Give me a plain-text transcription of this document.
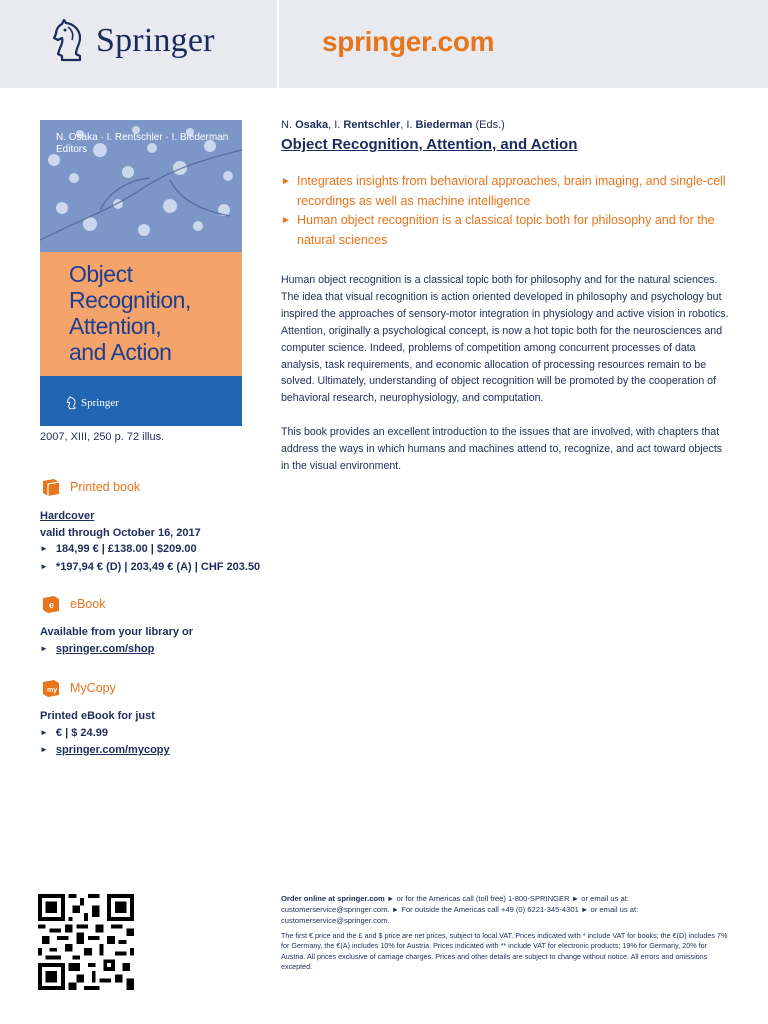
Springer	springer.com
N. Osaka · I. Rentschler · I. Biederman
Editors
Object
Recognition,
Attention,
and Action
Springer
2007, XIII, 250 p. 72 illus.
Printed book
Hardcover
valid through October 16, 2017
► 184,99 € | £138.00 | $209.00
► *197,94 € (D) | 203,49 € (A) | CHF 203.50
e eBook
Available from your library or
► springer.com/shop
my MyCopy
Printed eBook for just
► € | $ 24.99
► springer.com/mycopy
N. Osaka, I. Rentschler, I. Biederman (Eds.)
Object Recognition, Attention, and Action
► Integrates insights from behavioral approaches, brain imaging, and single-cell recordings as well as machine intelligence
► Human object recognition is a classical topic both for philosophy and for the natural sciences

Human object recognition is a classical topic both for philosophy and for the natural sciences. The idea that visual recognition is action oriented developed in philosophy and psychology but inspired the approaches of sensory-motor integration in physiology and active vision in robotics. Attention, originally a psychological concept, is now a hot topic both for the neurosciences and computer science. Indeed, problems of competition among concurrent processes of data analysis, task requirements, and economic allocation of processing resources remain to be solved. Ultimately, understanding of object recognition will be promoted by the cooperation of behavioral research, neurophysiology, and computation.

This book provides an excellent introduction to the issues that are involved, with chapters that address the ways in which humans and machines attend to, recognize, and act toward objects in the visual environment.

Order online at springer.com ► or for the Americas call (toll free) 1-800-SPRINGER ► or email us at: customerservice@springer.com. ► For outside the Americas call +49 (0) 6221-345-4301 ► or email us at: customerservice@springer.com.
The first € price and the £ and $ price are net prices, subject to local VAT. Prices indicated with * include VAT for books; the €(D) includes 7% for Germany, the €(A) includes 10% for Austria. Prices indicated with ** include VAT for electronic products; 19% for Germany, 20% for Austria. All prices exclusive of carriage charges. Prices and other details are subject to change without notice. All errors and omissions excepted.
